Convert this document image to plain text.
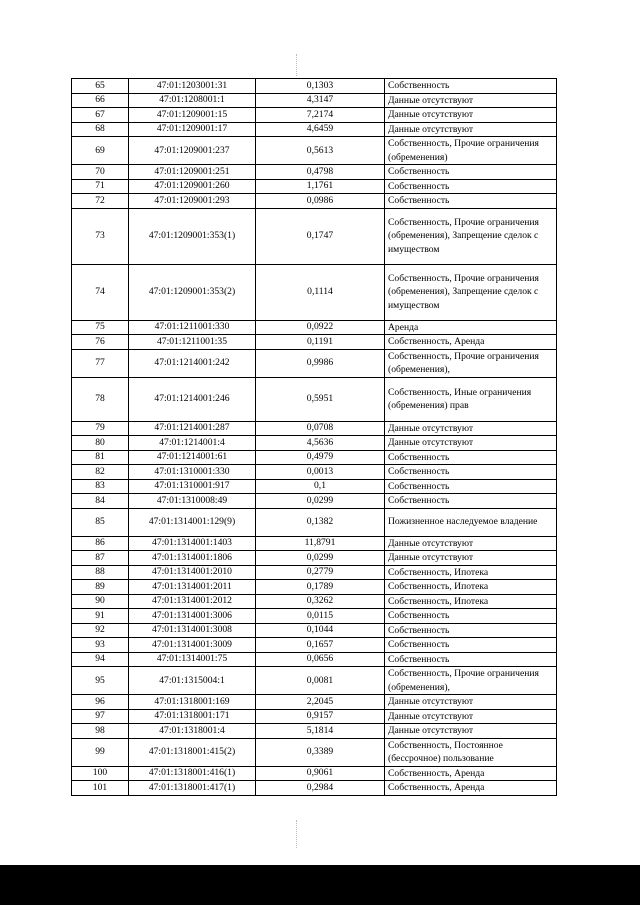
65	47:01:1203001:31	0,1303	Собственность
66	47:01:1208001:1	4,3147	Данные отсутствуют
67	47:01:1209001:15	7,2174	Данные отсутствуют
68	47:01:1209001:17	4,6459	Данные отсутствуют
69	47:01:1209001:237	0,5613	Собственность, Прочие ограничения (обременения)
70	47:01:1209001:251	0,4798	Собственность
71	47:01:1209001:260	1,1761	Собственность
72	47:01:1209001:293	0,0986	Собственность
73	47:01:1209001:353(1)	0,1747	Собственность, Прочие ограничения (обременения), Запрещение сделок с имуществом
74	47:01:1209001:353(2)	0,1114	Собственность, Прочие ограничения (обременения), Запрещение сделок с имуществом
75	47:01:1211001:330	0,0922	Аренда
76	47:01:1211001:35	0,1191	Собственность, Аренда
77	47:01:1214001:242	0,9986	Собственность, Прочие ограничения (обременения),
78	47:01:1214001:246	0,5951	Собственность, Иные ограничения (обременения) прав
79	47:01:1214001:287	0,0708	Данные отсутствуют
80	47:01:1214001:4	4,5636	Данные отсутствуют
81	47:01:1214001:61	0,4979	Собственность
82	47:01:1310001:330	0,0013	Собственность
83	47:01:1310001:917	0,1	Собственность
84	47:01:1310008:49	0,0299	Собственность
85	47:01:1314001:129(9)	0,1382	Пожизненное наследуемое владение
86	47:01:1314001:1403	11,8791	Данные отсутствуют
87	47:01:1314001:1806	0,0299	Данные отсутствуют
88	47:01:1314001:2010	0,2779	Собственность, Ипотека
89	47:01:1314001:2011	0,1789	Собственность, Ипотека
90	47:01:1314001:2012	0,3262	Собственность, Ипотека
91	47:01:1314001:3006	0,0115	Собственность
92	47:01:1314001:3008	0,1044	Собственность
93	47:01:1314001:3009	0,1657	Собственность
94	47:01:1314001:75	0,0656	Собственность
95	47:01:1315004:1	0,0081	Собственность, Прочие ограничения (обременения),
96	47:01:1318001:169	2,2045	Данные отсутствуют
97	47:01:1318001:171	0,9157	Данные отсутствуют
98	47:01:1318001:4	5,1814	Данные отсутствуют
99	47:01:1318001:415(2)	0,3389	Собственность, Постоянное (бессрочное) пользование
100	47:01:1318001:416(1)	0,9061	Собственность, Аренда
101	47:01:1318001:417(1)	0,2984	Собственность, Аренда
